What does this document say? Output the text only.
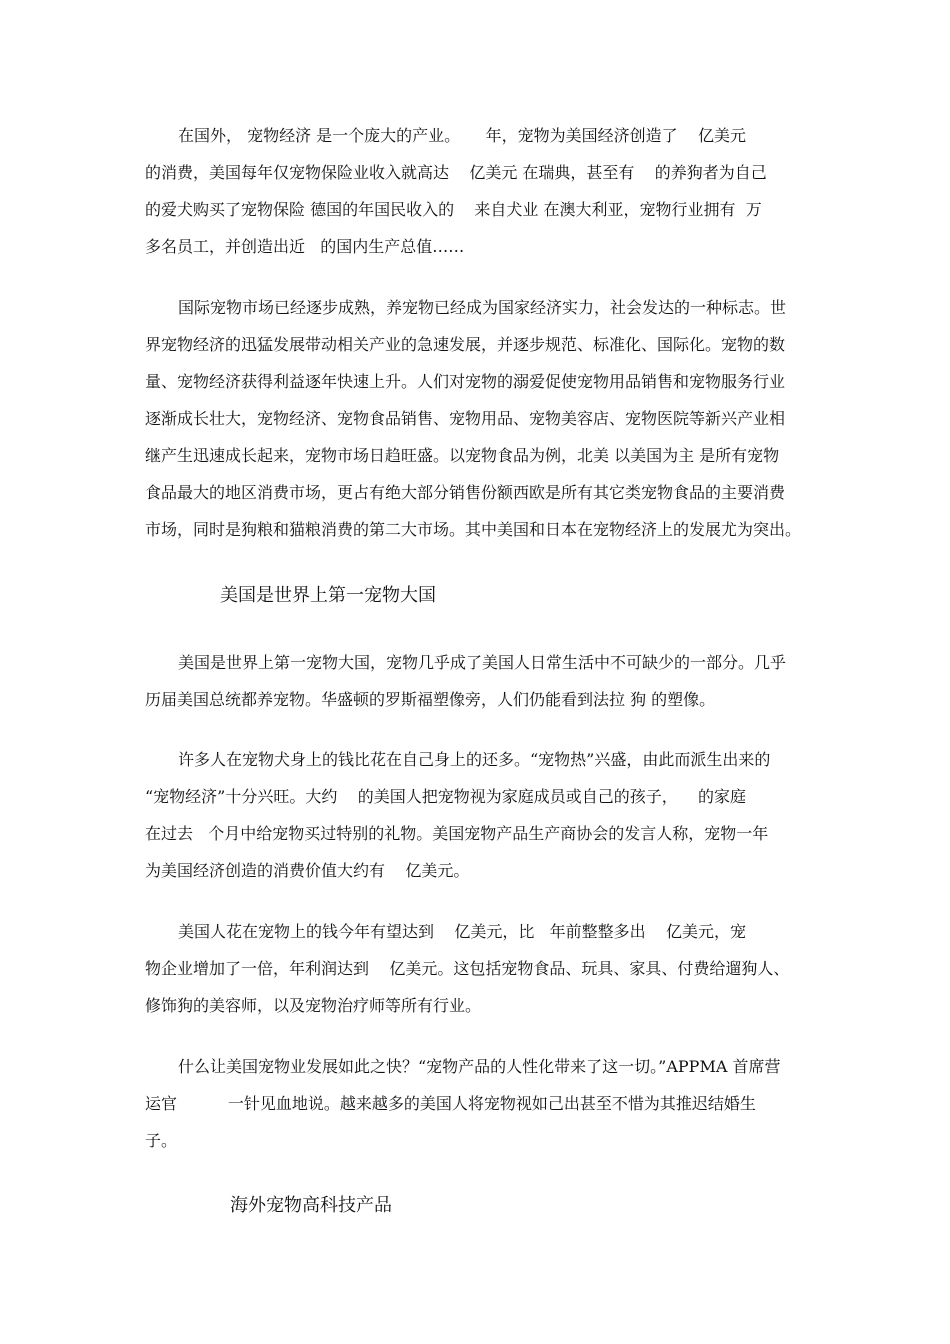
在国外， 宠物经济 是一个庞大的产业。     年，宠物为美国经济创造了    亿美元
的消费，美国每年仅宠物保险业收入就高达    亿美元 在瑞典，甚至有    的养狗者为自己
的爱犬购买了宠物保险 德国的年国民收入的    来自犬业 在澳大利亚，宠物行业拥有  万
多名员工，并创造出近   的国内生产总值……
国际宠物市场已经逐步成熟，养宠物已经成为国家经济实力，社会发达的一种标志。世
界宠物经济的迅猛发展带动相关产业的急速发展，并逐步规范、标准化、国际化。宠物的数
量、宠物经济获得利益逐年快速上升。人们对宠物的溺爱促使宠物用品销售和宠物服务行业
逐渐成长壮大，宠物经济、宠物食品销售、宠物用品、宠物美容店、宠物医院等新兴产业相
继产生迅速成长起来，宠物市场日趋旺盛。以宠物食品为例，北美 以美国为主 是所有宠物
食品最大的地区消费市场，更占有绝大部分销售份额西欧是所有其它类宠物食品的主要消费
市场，同时是狗粮和猫粮消费的第二大市场。其中美国和日本在宠物经济上的发展尤为突出。
美国是世界上第一宠物大国
美国是世界上第一宠物大国，宠物几乎成了美国人日常生活中不可缺少的一部分。几乎
历届美国总统都养宠物。华盛顿的罗斯福塑像旁，人们仍能看到法拉 狗 的塑像。
许多人在宠物犬身上的钱比花在自己身上的还多。“宠物热”兴盛，由此而派生出来的
“宠物经济”十分兴旺。大约    的美国人把宠物视为家庭成员或自己的孩子，    的家庭
在过去   个月中给宠物买过特别的礼物。美国宠物产品生产商协会的发言人称，宠物一年
为美国经济创造的消费价值大约有    亿美元。
美国人花在宠物上的钱今年有望达到    亿美元，比   年前整整多出    亿美元，宠
物企业增加了一倍，年利润达到    亿美元。这包括宠物食品、玩具、家具、付费给遛狗人、
修饰狗的美容师，以及宠物治疗师等所有行业。
什么让美国宠物业发展如此之快？“宠物产品的人性化带来了这一切。”APPMA 首席营
运官          一针见血地说。越来越多的美国人将宠物视如己出甚至不惜为其推迟结婚生
子。
海外宠物高科技产品
